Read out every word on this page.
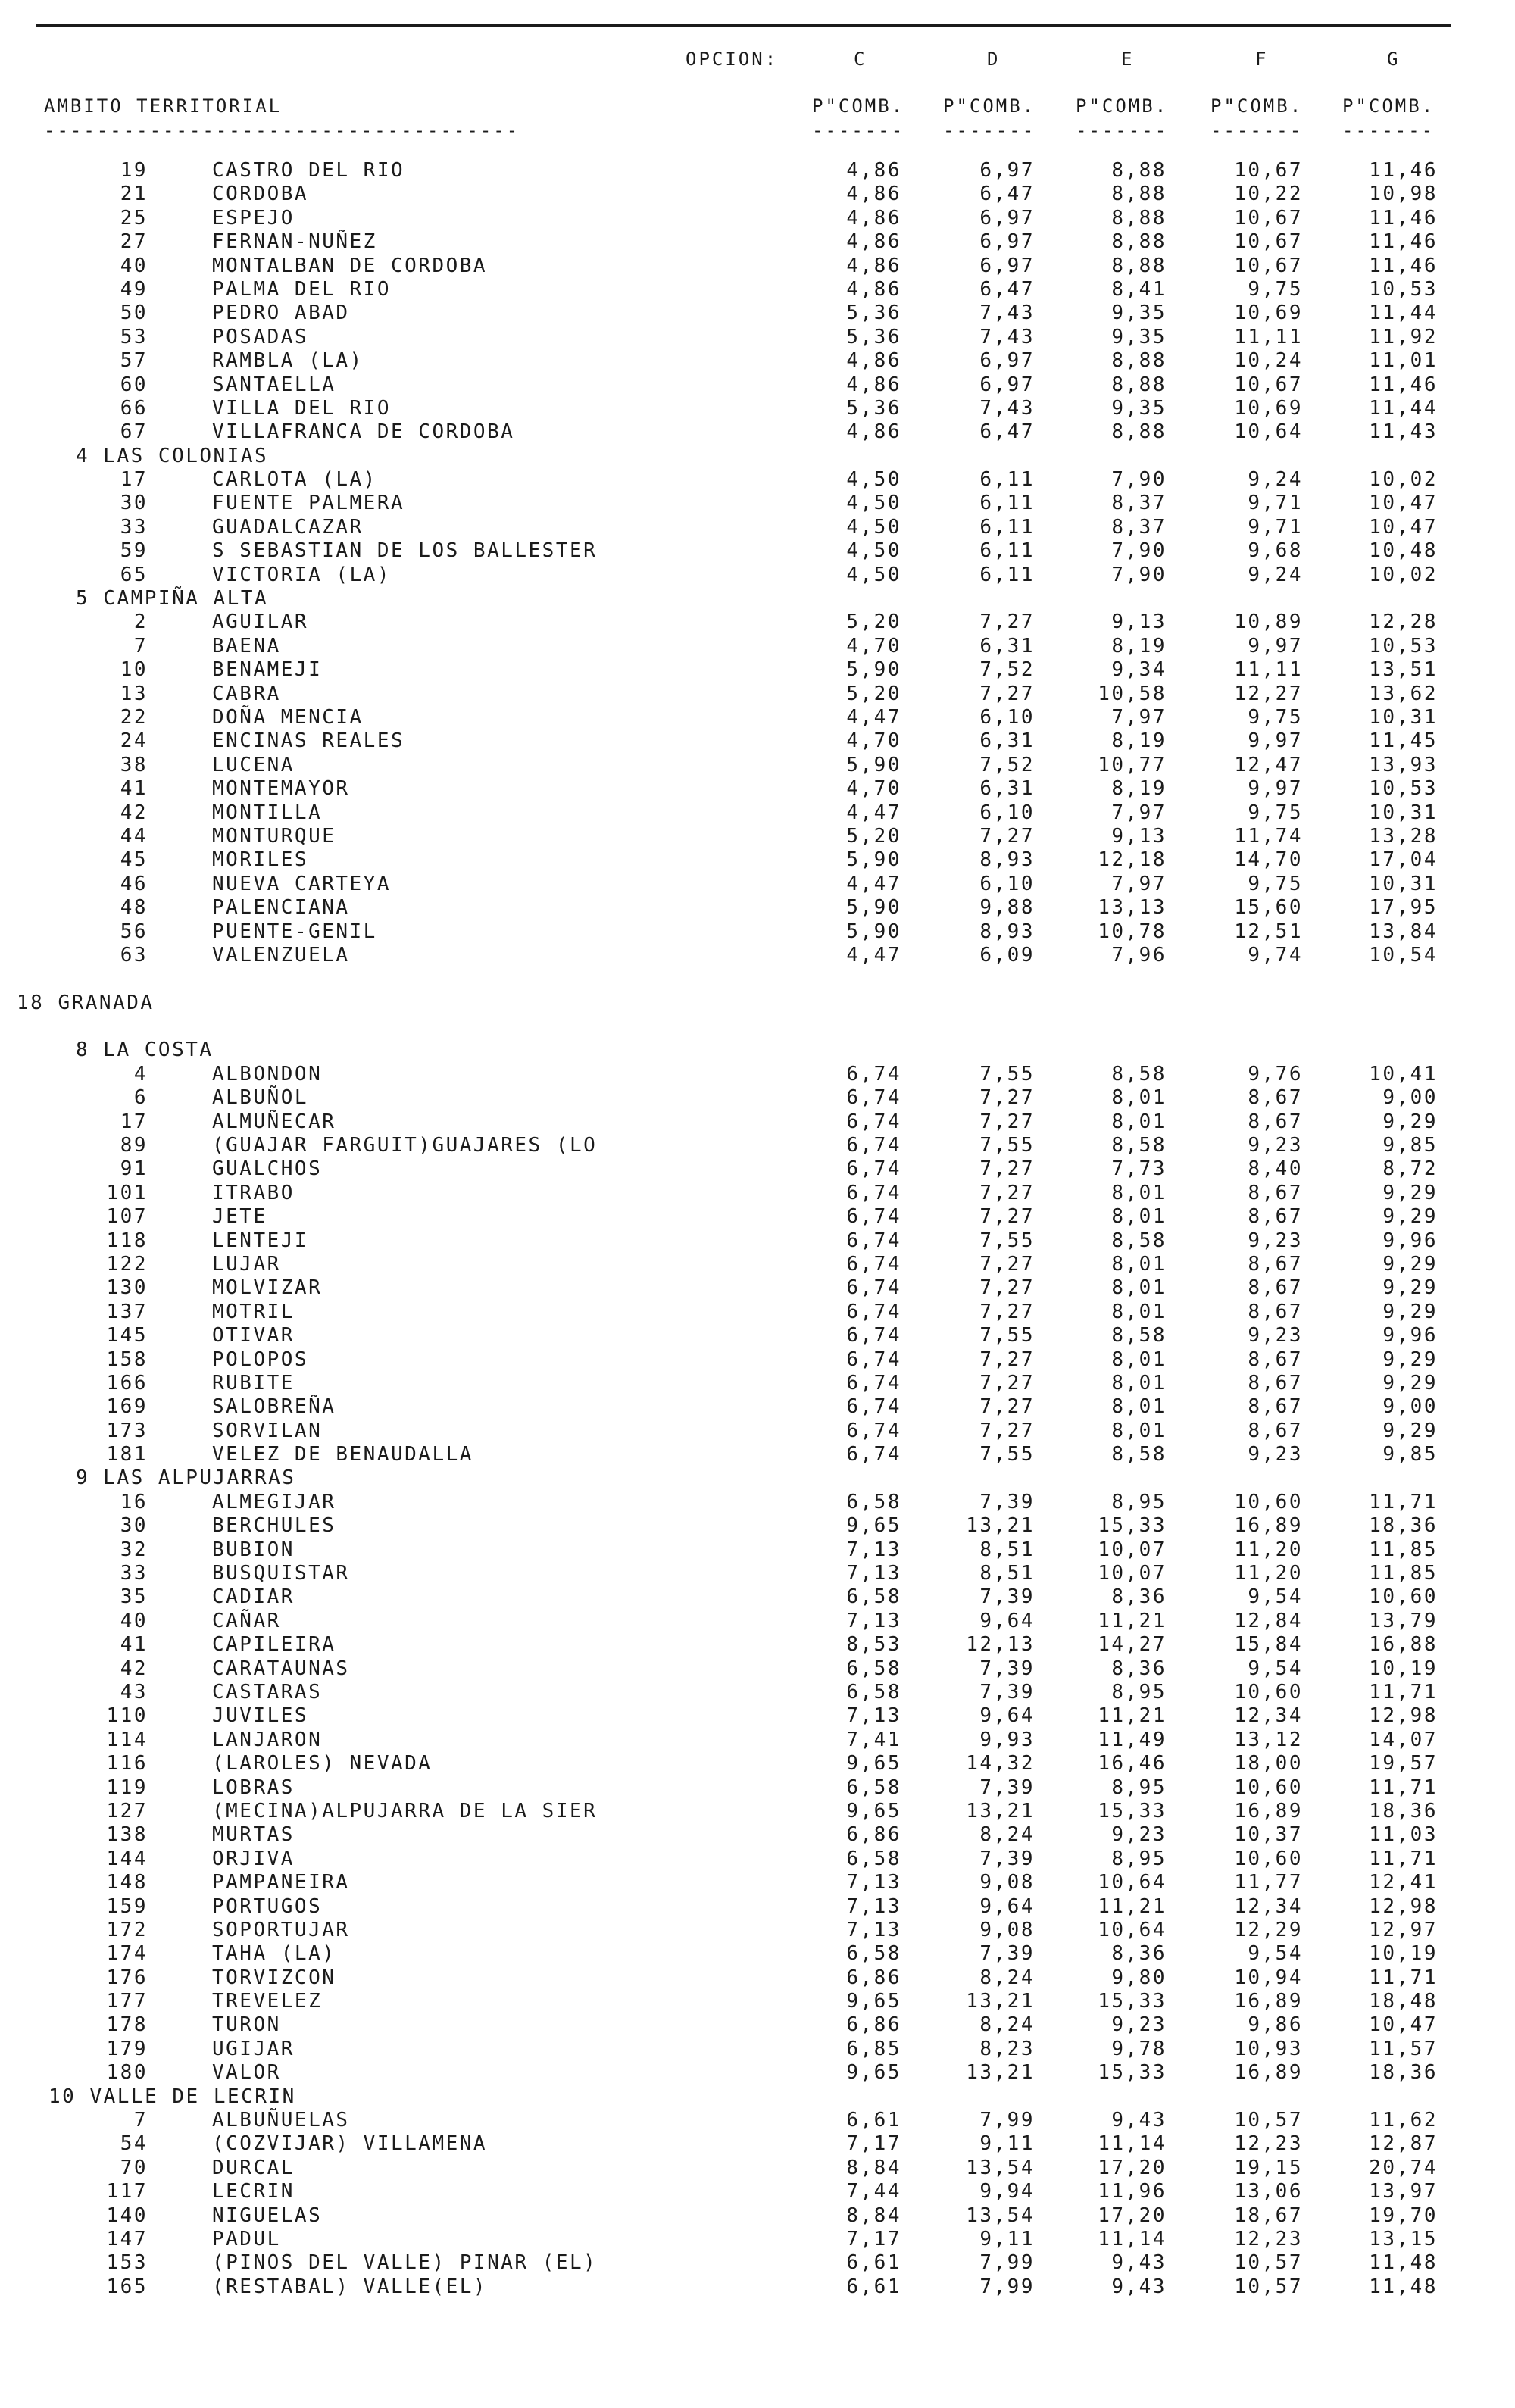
OPCION:	C	D	E	F	G
AMBITO TERRITORIAL	P"COMB. P"COMB. P"COMB. P"COMB. P"COMB.
------------------------------------	------- ------- ------- ------- -------
19	CASTRO DEL RIO	4,86	6,97	8,88	10,67	11,46
21	CORDOBA	4,86	6,47	8,88	10,22	10,98
25	ESPEJO	4,86	6,97	8,88	10,67	11,46
27	FERNAN-NUÑEZ	4,86	6,97	8,88	10,67	11,46
40	MONTALBAN DE CORDOBA	4,86	6,97	8,88	10,67	11,46
49	PALMA DEL RIO	4,86	6,47	8,41	9,75	10,53
50	PEDRO ABAD	5,36	7,43	9,35	10,69	11,44
53	POSADAS	5,36	7,43	9,35	11,11	11,92
57	RAMBLA (LA)	4,86	6,97	8,88	10,24	11,01
60	SANTAELLA	4,86	6,97	8,88	10,67	11,46
66	VILLA DEL RIO	5,36	7,43	9,35	10,69	11,44
67	VILLAFRANCA DE CORDOBA	4,86	6,47	8,88	10,64	11,43
4 LAS COLONIAS
17	CARLOTA (LA)	4,50	6,11	7,90	9,24	10,02
30	FUENTE PALMERA	4,50	6,11	8,37	9,71	10,47
33	GUADALCAZAR	4,50	6,11	8,37	9,71	10,47
59	S SEBASTIAN DE LOS BALLESTER	4,50	6,11	7,90	9,68	10,48
65	VICTORIA (LA)	4,50	6,11	7,90	9,24	10,02
5 CAMPIÑA ALTA
2	AGUILAR	5,20	7,27	9,13	10,89	12,28
7	BAENA	4,70	6,31	8,19	9,97	10,53
10	BENAMEJI	5,90	7,52	9,34	11,11	13,51
13	CABRA	5,20	7,27	10,58	12,27	13,62
22	DOÑA MENCIA	4,47	6,10	7,97	9,75	10,31
24	ENCINAS REALES	4,70	6,31	8,19	9,97	11,45
38	LUCENA	5,90	7,52	10,77	12,47	13,93
41	MONTEMAYOR	4,70	6,31	8,19	9,97	10,53
42	MONTILLA	4,47	6,10	7,97	9,75	10,31
44	MONTURQUE	5,20	7,27	9,13	11,74	13,28
45	MORILES	5,90	8,93	12,18	14,70	17,04
46	NUEVA CARTEYA	4,47	6,10	7,97	9,75	10,31
48	PALENCIANA	5,90	9,88	13,13	15,60	17,95
56	PUENTE-GENIL	5,90	8,93	10,78	12,51	13,84
63	VALENZUELA	4,47	6,09	7,96	9,74	10,54
18 GRANADA
8 LA COSTA
4	ALBONDON	6,74	7,55	8,58	9,76	10,41
6	ALBUÑOL	6,74	7,27	8,01	8,67	9,00
17	ALMUÑECAR	6,74	7,27	8,01	8,67	9,29
89	(GUAJAR FARGUIT)GUAJARES (LO	6,74	7,55	8,58	9,23	9,85
91	GUALCHOS	6,74	7,27	7,73	8,40	8,72
101	ITRABO	6,74	7,27	8,01	8,67	9,29
107	JETE	6,74	7,27	8,01	8,67	9,29
118	LENTEJI	6,74	7,55	8,58	9,23	9,96
122	LUJAR	6,74	7,27	8,01	8,67	9,29
130	MOLVIZAR	6,74	7,27	8,01	8,67	9,29
137	MOTRIL	6,74	7,27	8,01	8,67	9,29
145	OTIVAR	6,74	7,55	8,58	9,23	9,96
158	POLOPOS	6,74	7,27	8,01	8,67	9,29
166	RUBITE	6,74	7,27	8,01	8,67	9,29
169	SALOBREÑA	6,74	7,27	8,01	8,67	9,00
173	SORVILAN	6,74	7,27	8,01	8,67	9,29
181	VELEZ DE BENAUDALLA	6,74	7,55	8,58	9,23	9,85
9 LAS ALPUJARRAS
16	ALMEGIJAR	6,58	7,39	8,95	10,60	11,71
30	BERCHULES	9,65	13,21	15,33	16,89	18,36
32	BUBION	7,13	8,51	10,07	11,20	11,85
33	BUSQUISTAR	7,13	8,51	10,07	11,20	11,85
35	CADIAR	6,58	7,39	8,36	9,54	10,60
40	CAÑAR	7,13	9,64	11,21	12,84	13,79
41	CAPILEIRA	8,53	12,13	14,27	15,84	16,88
42	CARATAUNAS	6,58	7,39	8,36	9,54	10,19
43	CASTARAS	6,58	7,39	8,95	10,60	11,71
110	JUVILES	7,13	9,64	11,21	12,34	12,98
114	LANJARON	7,41	9,93	11,49	13,12	14,07
116	(LAROLES) NEVADA	9,65	14,32	16,46	18,00	19,57
119	LOBRAS	6,58	7,39	8,95	10,60	11,71
127	(MECINA)ALPUJARRA DE LA SIER	9,65	13,21	15,33	16,89	18,36
138	MURTAS	6,86	8,24	9,23	10,37	11,03
144	ORJIVA	6,58	7,39	8,95	10,60	11,71
148	PAMPANEIRA	7,13	9,08	10,64	11,77	12,41
159	PORTUGOS	7,13	9,64	11,21	12,34	12,98
172	SOPORTUJAR	7,13	9,08	10,64	12,29	12,97
174	TAHA (LA)	6,58	7,39	8,36	9,54	10,19
176	TORVIZCON	6,86	8,24	9,80	10,94	11,71
177	TREVELEZ	9,65	13,21	15,33	16,89	18,48
178	TURON	6,86	8,24	9,23	9,86	10,47
179	UGIJAR	6,85	8,23	9,78	10,93	11,57
180	VALOR	9,65	13,21	15,33	16,89	18,36
10 VALLE DE LECRIN
7	ALBUÑUELAS	6,61	7,99	9,43	10,57	11,62
54	(COZVIJAR) VILLAMENA	7,17	9,11	11,14	12,23	12,87
70	DURCAL	8,84	13,54	17,20	19,15	20,74
117	LECRIN	7,44	9,94	11,96	13,06	13,97
140	NIGUELAS	8,84	13,54	17,20	18,67	19,70
147	PADUL	7,17	9,11	11,14	12,23	13,15
153	(PINOS DEL VALLE) PINAR (EL)	6,61	7,99	9,43	10,57	11,48
165	(RESTABAL) VALLE(EL)	6,61	7,99	9,43	10,57	11,48
